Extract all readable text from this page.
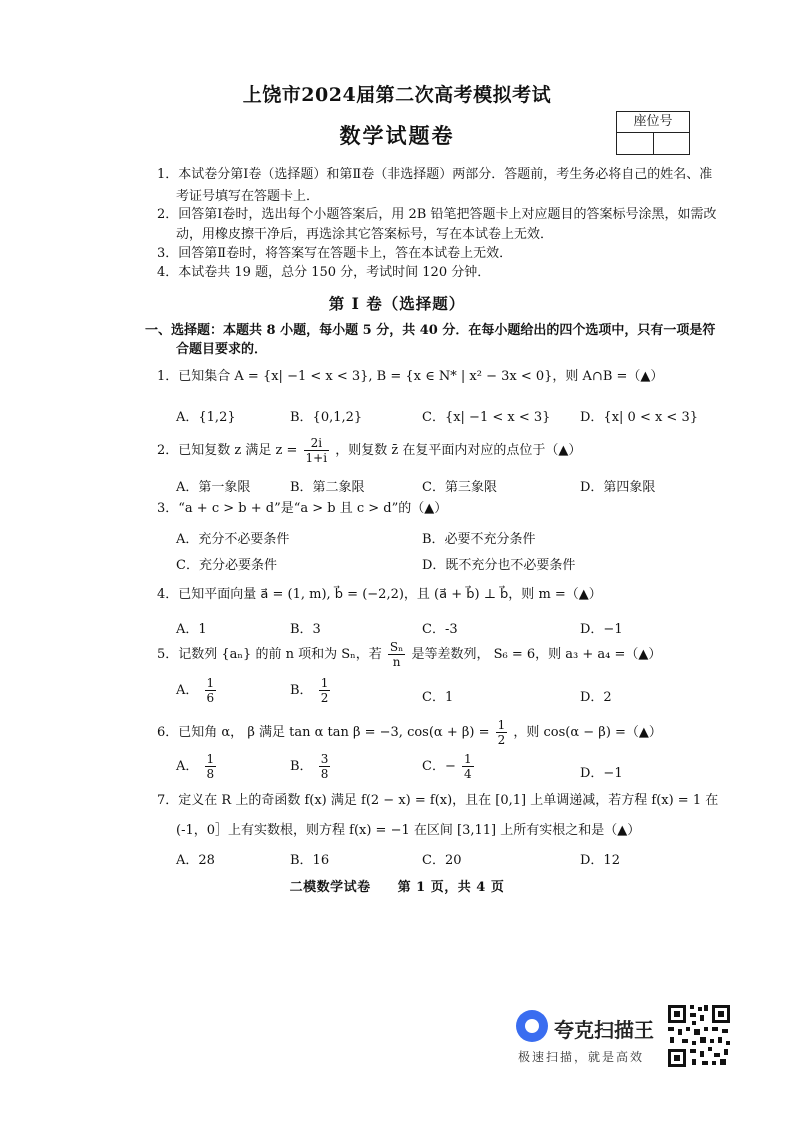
上饶市2024届第二次高考模拟考试
数学试题卷
座位号
1．本试卷分第Ⅰ卷（选择题）和第Ⅱ卷（非选择题）两部分．答题前，考生务必将自己的姓名、准
考证号填写在答题卡上．
2．回答第Ⅰ卷时，选出每个小题答案后，用 2B 铅笔把答题卡上对应题目的答案标号涂黑，如需改
动，用橡皮擦干净后，再选涂其它答案标号，写在本试卷上无效．
3．回答第Ⅱ卷时，将答案写在答题卡上，答在本试卷上无效．
4．本试卷共 19 题，总分 150 分，考试时间 120 分钟．
第 Ⅰ 卷（选择题）
一、选择题：本题共 8 小题，每小题 5 分，共 40 分．在每小题给出的四个选项中，只有一项是符
合题目要求的．
1．已知集合 A = {x| −1 < x < 3}, B = {x ∈ N* | x² − 3x < 0}，则 A∩B =（▲）
A．{1,2}	B．{0,1,2}	C．{x| −1 < x < 3} D．{x| 0 < x < 3}
2．已知复数 z 满足 $z = \frac{2i}{1+i}$ ，则复数 z̄ 在复平面内对应的点位于（▲）
A．第一象限	B．第二象限	C．第三象限	D．第四象限
3．“a + c > b + d”是“a > b 且 c > d”的（▲）
A．充分不必要条件	B．必要不充分条件
C．充分必要条件	D．既不充分也不必要条件
4．已知平面向量 a⃗ = (1, m), b⃗ = (−2,2)，且 (a⃗ + b⃗) ⊥ b⃗，则 m =（▲）
A．1	B．3	C．-3	D．−1
5．记数列 {aₙ} 的前 n 项和为 Sₙ，若 $\frac{\text{Sₙ}}{n}$ 是等差数列， S₆ = 6，则 a₃ + a₄ =（▲）
A． $\frac{1}{6}$	B． $\frac{1}{2}$	C．1	D．2
6．已知角 α， β 满足 tan α tan β = −3, $\cos(\alpha + \beta) = \frac{1}{2}$ ，则 cos(α − β) =（▲）
A． $\frac{1}{8}$	B． $\frac{3}{8}$	C．− $\frac{1}{4}$	D．−1
7．定义在 R 上的奇函数 f(x) 满足 f(2 − x) = f(x)，且在 [0,1] 上单调递减，若方程 f(x) = 1 在
(-1，0］上有实数根，则方程 f(x) = −1 在区间 [3,11] 上所有实根之和是（▲）
A．28	B．16	C．20	D．12
二模数学试卷　　第 1 页，共 4 页
夸克扫描王
极速扫描，就是高效
